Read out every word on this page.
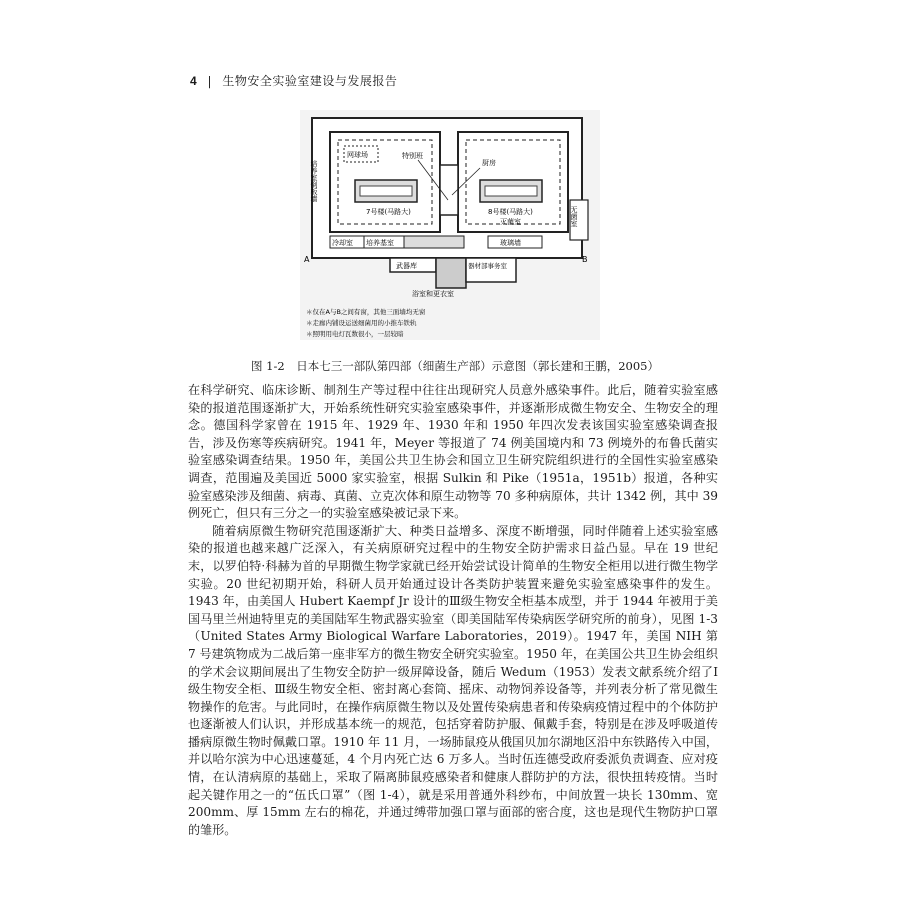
4 | 生物安全实验室建设与发展报告
培养室倒板墙
网球场	特别班
厨房
7号楼(马路大)	8号楼(马路大)
灭菌室	无菌室
冷却室 培养基室	玻璃墙
武器库	器材部事务室
浴室和更衣室
A	B
＊仅在A与B之间有窗，其他三面墙均无窗
＊走廊内铺设运送细菌用的小推车铁轨
＊照明用电灯瓦数很小，一层较暗
图 1-2　日本七三一部队第四部（细菌生产部）示意图（郭长建和王鹏，2005）

在科学研究、临床诊断、制剂生产等过程中往往出现研究人员意外感染事件。此后，随着实验室感染的报道范围逐渐扩大，开始系统性研究实验室感染事件，并逐渐形成微生物安全、生物安全的理念。德国科学家曾在 1915 年、1929 年、1930 年和 1950 年四次发表该国实验室感染调查报告，涉及伤寒等疾病研究。1941 年，Meyer 等报道了 74 例美国境内和 73 例境外的布鲁氏菌实验室感染调查结果。1950 年，美国公共卫生协会和国立卫生研究院组织进行的全国性实验室感染调查，范围遍及美国近 5000 家实验室，根据 Sulkin 和 Pike（1951a，1951b）报道，各种实验室感染涉及细菌、病毒、真菌、立克次体和原生动物等 70 多种病原体，共计 1342 例，其中 39 例死亡，但只有三分之一的实验室感染被记录下来。

随着病原微生物研究范围逐渐扩大、种类日益增多、深度不断增强，同时伴随着上述实验室感染的报道也越来越广泛深入，有关病原研究过程中的生物安全防护需求日益凸显。早在 19 世纪末，以罗伯特·科赫为首的早期微生物学家就已经开始尝试设计简单的生物安全柜用以进行微生物学实验。20 世纪初期开始，科研人员开始通过设计各类防护装置来避免实验室感染事件的发生。1943 年，由美国人 Hubert Kaempf Jr 设计的Ⅲ级生物安全柜基本成型，并于 1944 年被用于美国马里兰州迪特里克的美国陆军生物武器实验室（即美国陆军传染病医学研究所的前身），见图 1-3（United States Army Biological Warfare Laboratories，2019）。1947 年，美国 NIH 第 7 号建筑物成为二战后第一座非军方的微生物安全研究实验室。1950 年，在美国公共卫生协会组织的学术会议期间展出了生物安全防护一级屏障设备，随后 Wedum（1953）发表文献系统介绍了Ⅰ级生物安全柜、Ⅲ级生物安全柜、密封离心套筒、摇床、动物饲养设备等，并列表分析了常见微生物操作的危害。与此同时，在操作病原微生物以及处置传染病患者和传染病疫情过程中的个体防护也逐渐被人们认识，并形成基本统一的规范，包括穿着防护服、佩戴手套，特别是在涉及呼吸道传播病原微生物时佩戴口罩。1910 年 11 月，一场肺鼠疫从俄国贝加尔湖地区沿中东铁路传入中国，并以哈尔滨为中心迅速蔓延，4 个月内死亡达 6 万多人。当时伍连德受政府委派负责调查、应对疫情，在认清病原的基础上，采取了隔离肺鼠疫感染者和健康人群防护的方法，很快扭转疫情。当时起关键作用之一的“伍氏口罩”（图 1-4），就是采用普通外科纱布，中间放置一块长 130mm、宽 200mm、厚 15mm 左右的棉花，并通过缚带加强口罩与面部的密合度，这也是现代生物防护口罩的雏形。
